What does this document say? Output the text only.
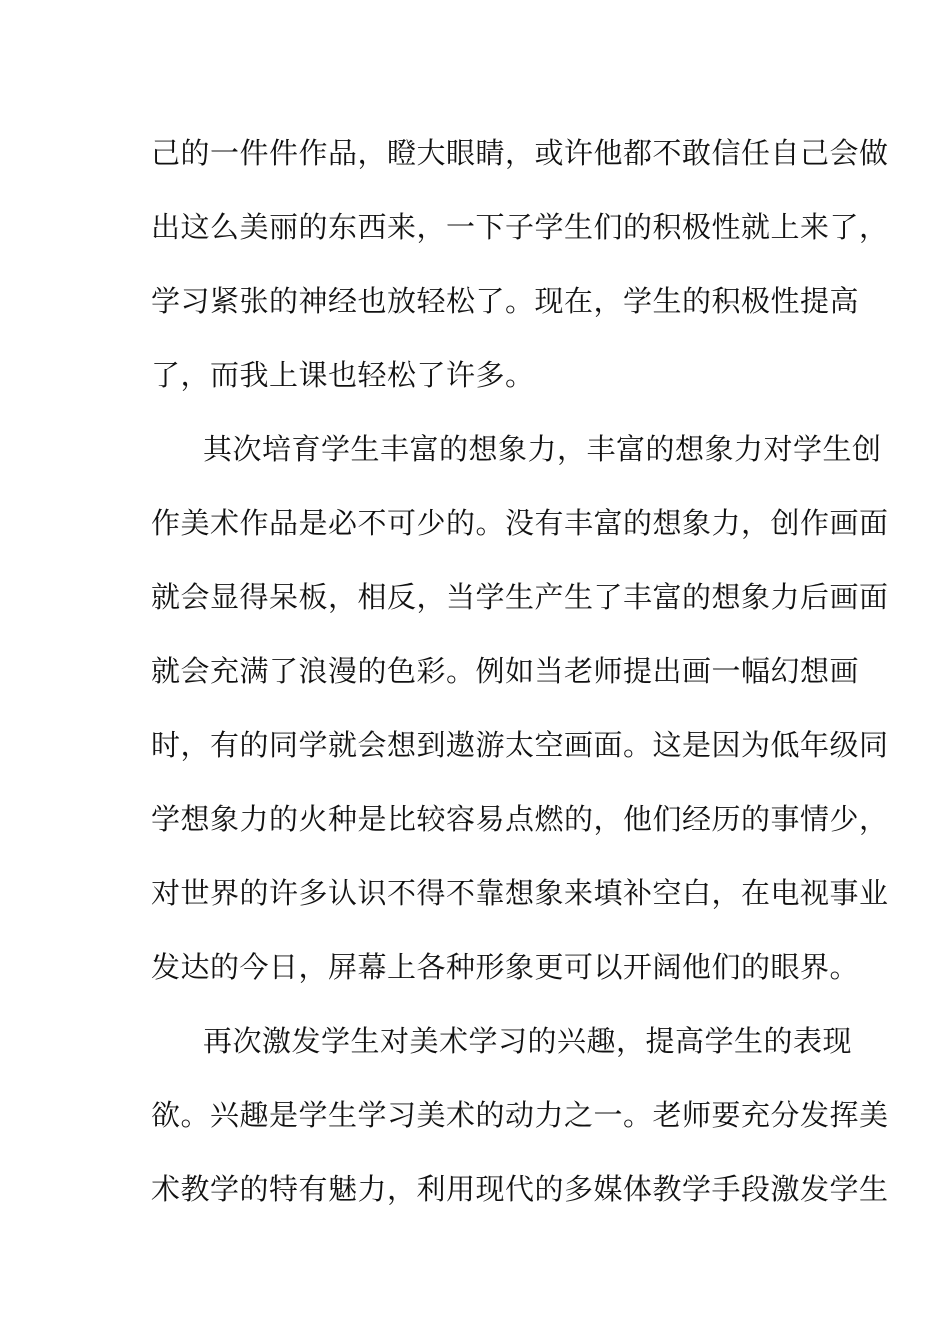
己的一件件作品，瞪大眼睛，或许他都不敢信任自己会做
出这么美丽的东西来，一下子学生们的积极性就上来了，
学习紧张的神经也放轻松了。现在，学生的积极性提高
了，而我上课也轻松了许多。
其次培育学生丰富的想象力，丰富的想象力对学生创
作美术作品是必不可少的。没有丰富的想象力，创作画面
就会显得呆板，相反，当学生产生了丰富的想象力后画面
就会充满了浪漫的色彩。例如当老师提出画一幅幻想画
时，有的同学就会想到遨游太空画面。这是因为低年级同
学想象力的火种是比较容易点燃的，他们经历的事情少，
对世界的许多认识不得不靠想象来填补空白，在电视事业
发达的今日，屏幕上各种形象更可以开阔他们的眼界。
再次激发学生对美术学习的兴趣，提高学生的表现
欲。兴趣是学生学习美术的动力之一。老师要充分发挥美
术教学的特有魅力，利用现代的多媒体教学手段激发学生
